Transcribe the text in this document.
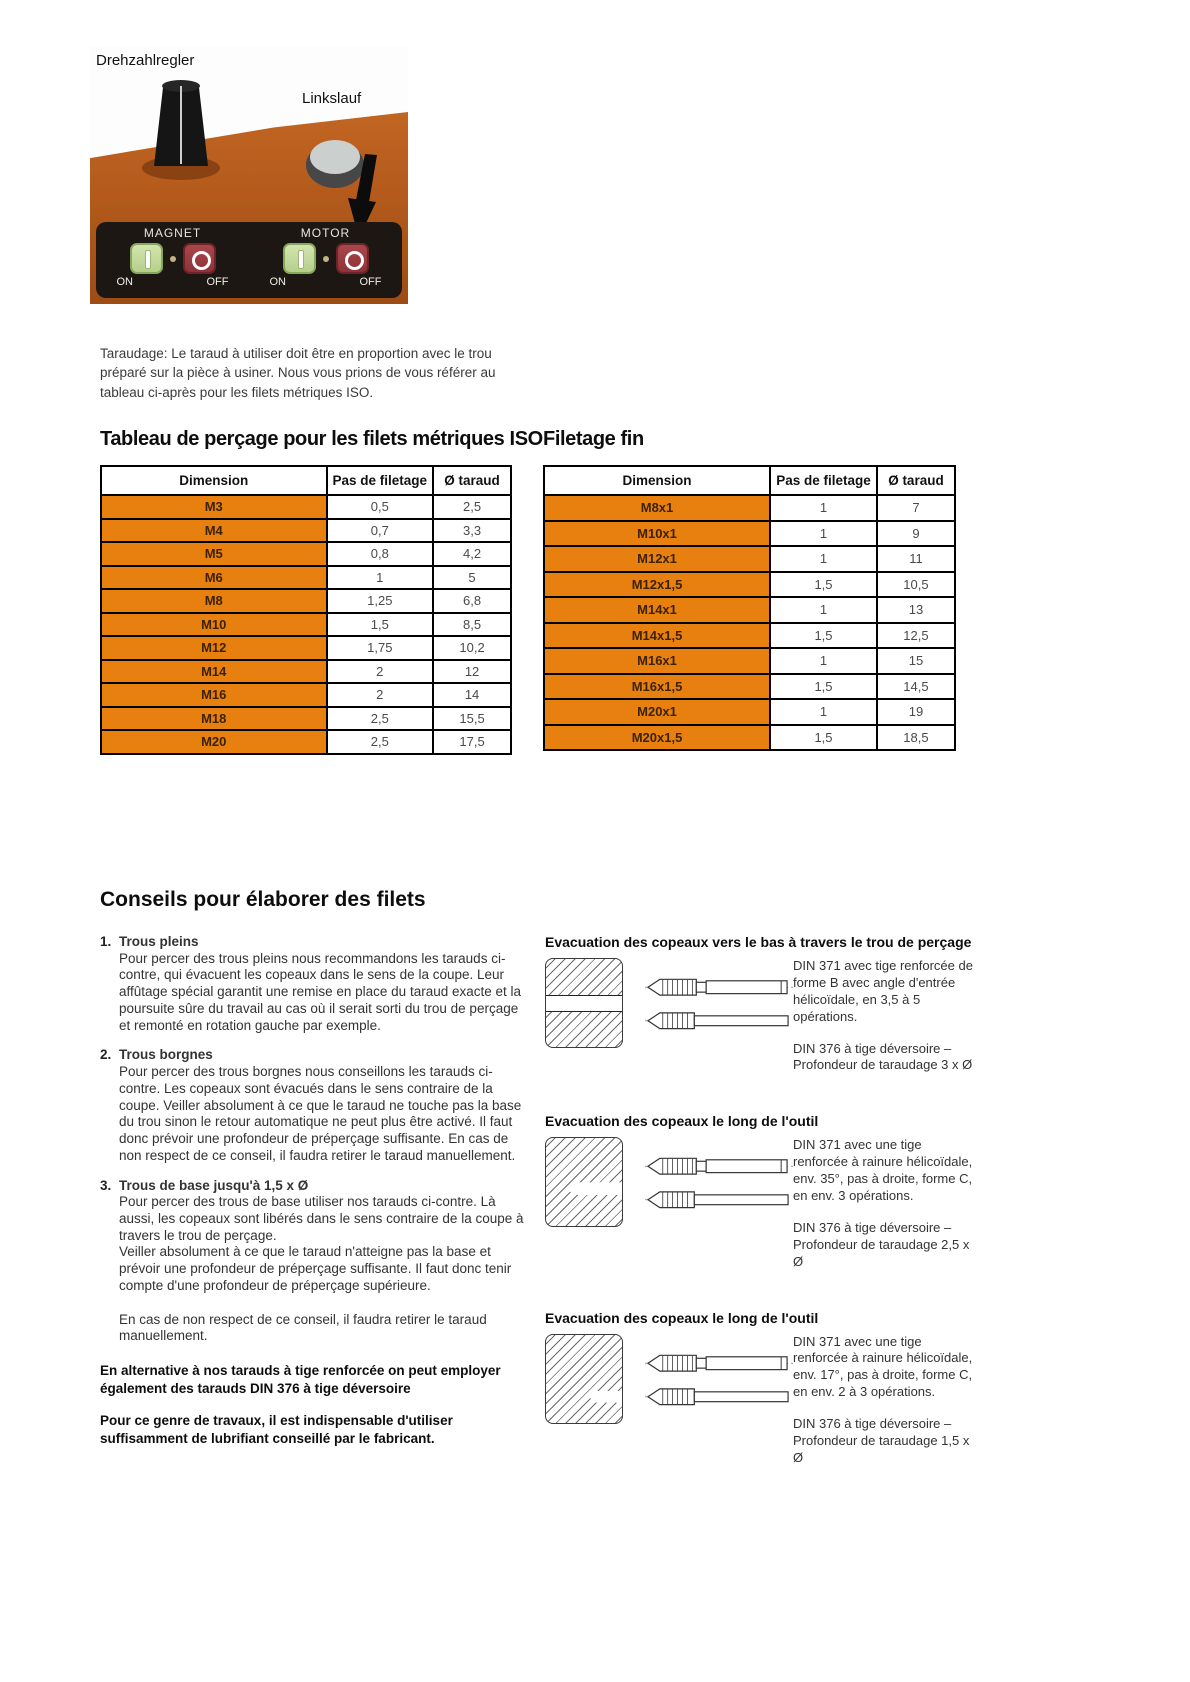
Drehzahlregler
Linkslauf
MAGNET
ON	OFF
MOTOR
ON	OFF

Taraudage: Le taraud à utiliser doit être en proportion avec le trou préparé sur la pièce à usiner. Nous vous prions de vous référer au tableau ci-après pour les filets métriques ISO.

Tableau de perçage pour les filets métriques ISO
Dimension	Pas de filetage	Ø taraud
M3	0,5	2,5
M4	0,7	3,3
M5	0,8	4,2
M6	1	5
M8	1,25	6,8
M10	1,5	8,5
M12	1,75	10,2
M14	2	12
M16	2	14
M18	2,5	15,5
M20	2,5	17,5
Filetage fin
Dimension	Pas de filetage	Ø taraud
M8x1	1	7
M10x1	1	9
M12x1	1	11
M12x1,5	1,5	10,5
M14x1	1	13
M14x1,5	1,5	12,5
M16x1	1	15
M16x1,5	1,5	14,5
M20x1	1	19
M20x1,5	1,5	18,5
Conseils pour élaborer des filets
1. Trous pleins

Pour percer des trous pleins nous recommandons les tarauds ci-contre, qui évacuent les copeaux dans le sens de la coupe. Leur affûtage spécial garantit une remise en place du taraud exacte et la poursuite sûre du travail au cas où il serait sorti du trou de perçage et remonté en rotation gauche par exemple.

2. Trous borgnes

Pour percer des trous borgnes nous conseillons les tarauds ci-contre. Les copeaux sont évacués dans le sens contraire de la coupe. Veiller absolument à ce que le taraud ne touche pas la base du trou sinon le retour automatique ne peut plus être activé. Il faut donc prévoir une profondeur de préperçage suffisante. En cas de non respect de ce conseil, il faudra retirer le taraud manuellement.

3. Trous de base jusqu'à 1,5 x Ø

Pour percer des trous de base utiliser nos tarauds ci-contre. Là aussi, les copeaux sont libérés dans le sens contraire de la coupe à travers le trou de perçage.

Veiller absolument à ce que le taraud n'atteigne pas la base et prévoir une profondeur de préperçage suffisante. Il faut donc tenir compte d'une profondeur de préperçage supérieure.

En cas de non respect de ce conseil, il faudra retirer le taraud manuellement.

En alternative à nos tarauds à tige renforcée on peut employer également des tarauds DIN 376 à tige déversoire

Pour ce genre de travaux, il est indispensable d'utiliser suffisamment de lubrifiant conseillé par le fabricant.

Evacuation des copeaux vers le bas à travers le trou de perçage

DIN 371 avec tige renforcée de forme B avec angle d'entrée hélicoïdale, en 3,5 à 5 opérations.

DIN 376 à tige déversoire – Profondeur de taraudage 3 x Ø

Evacuation des copeaux le long de l'outil

DIN 371 avec une tige renforcée à rainure hélicoïdale, env. 35°, pas à droite, forme C, en env. 3 opérations.

DIN 376 à tige déversoire – Profondeur de taraudage 2,5 x Ø

Evacuation des copeaux le long de l'outil

DIN 371 avec une tige renforcée à rainure hélicoïdale, env. 17°, pas à droite, forme C, en env. 2 à 3 opérations.

DIN 376 à tige déversoire – Profondeur de taraudage 1,5 x Ø
